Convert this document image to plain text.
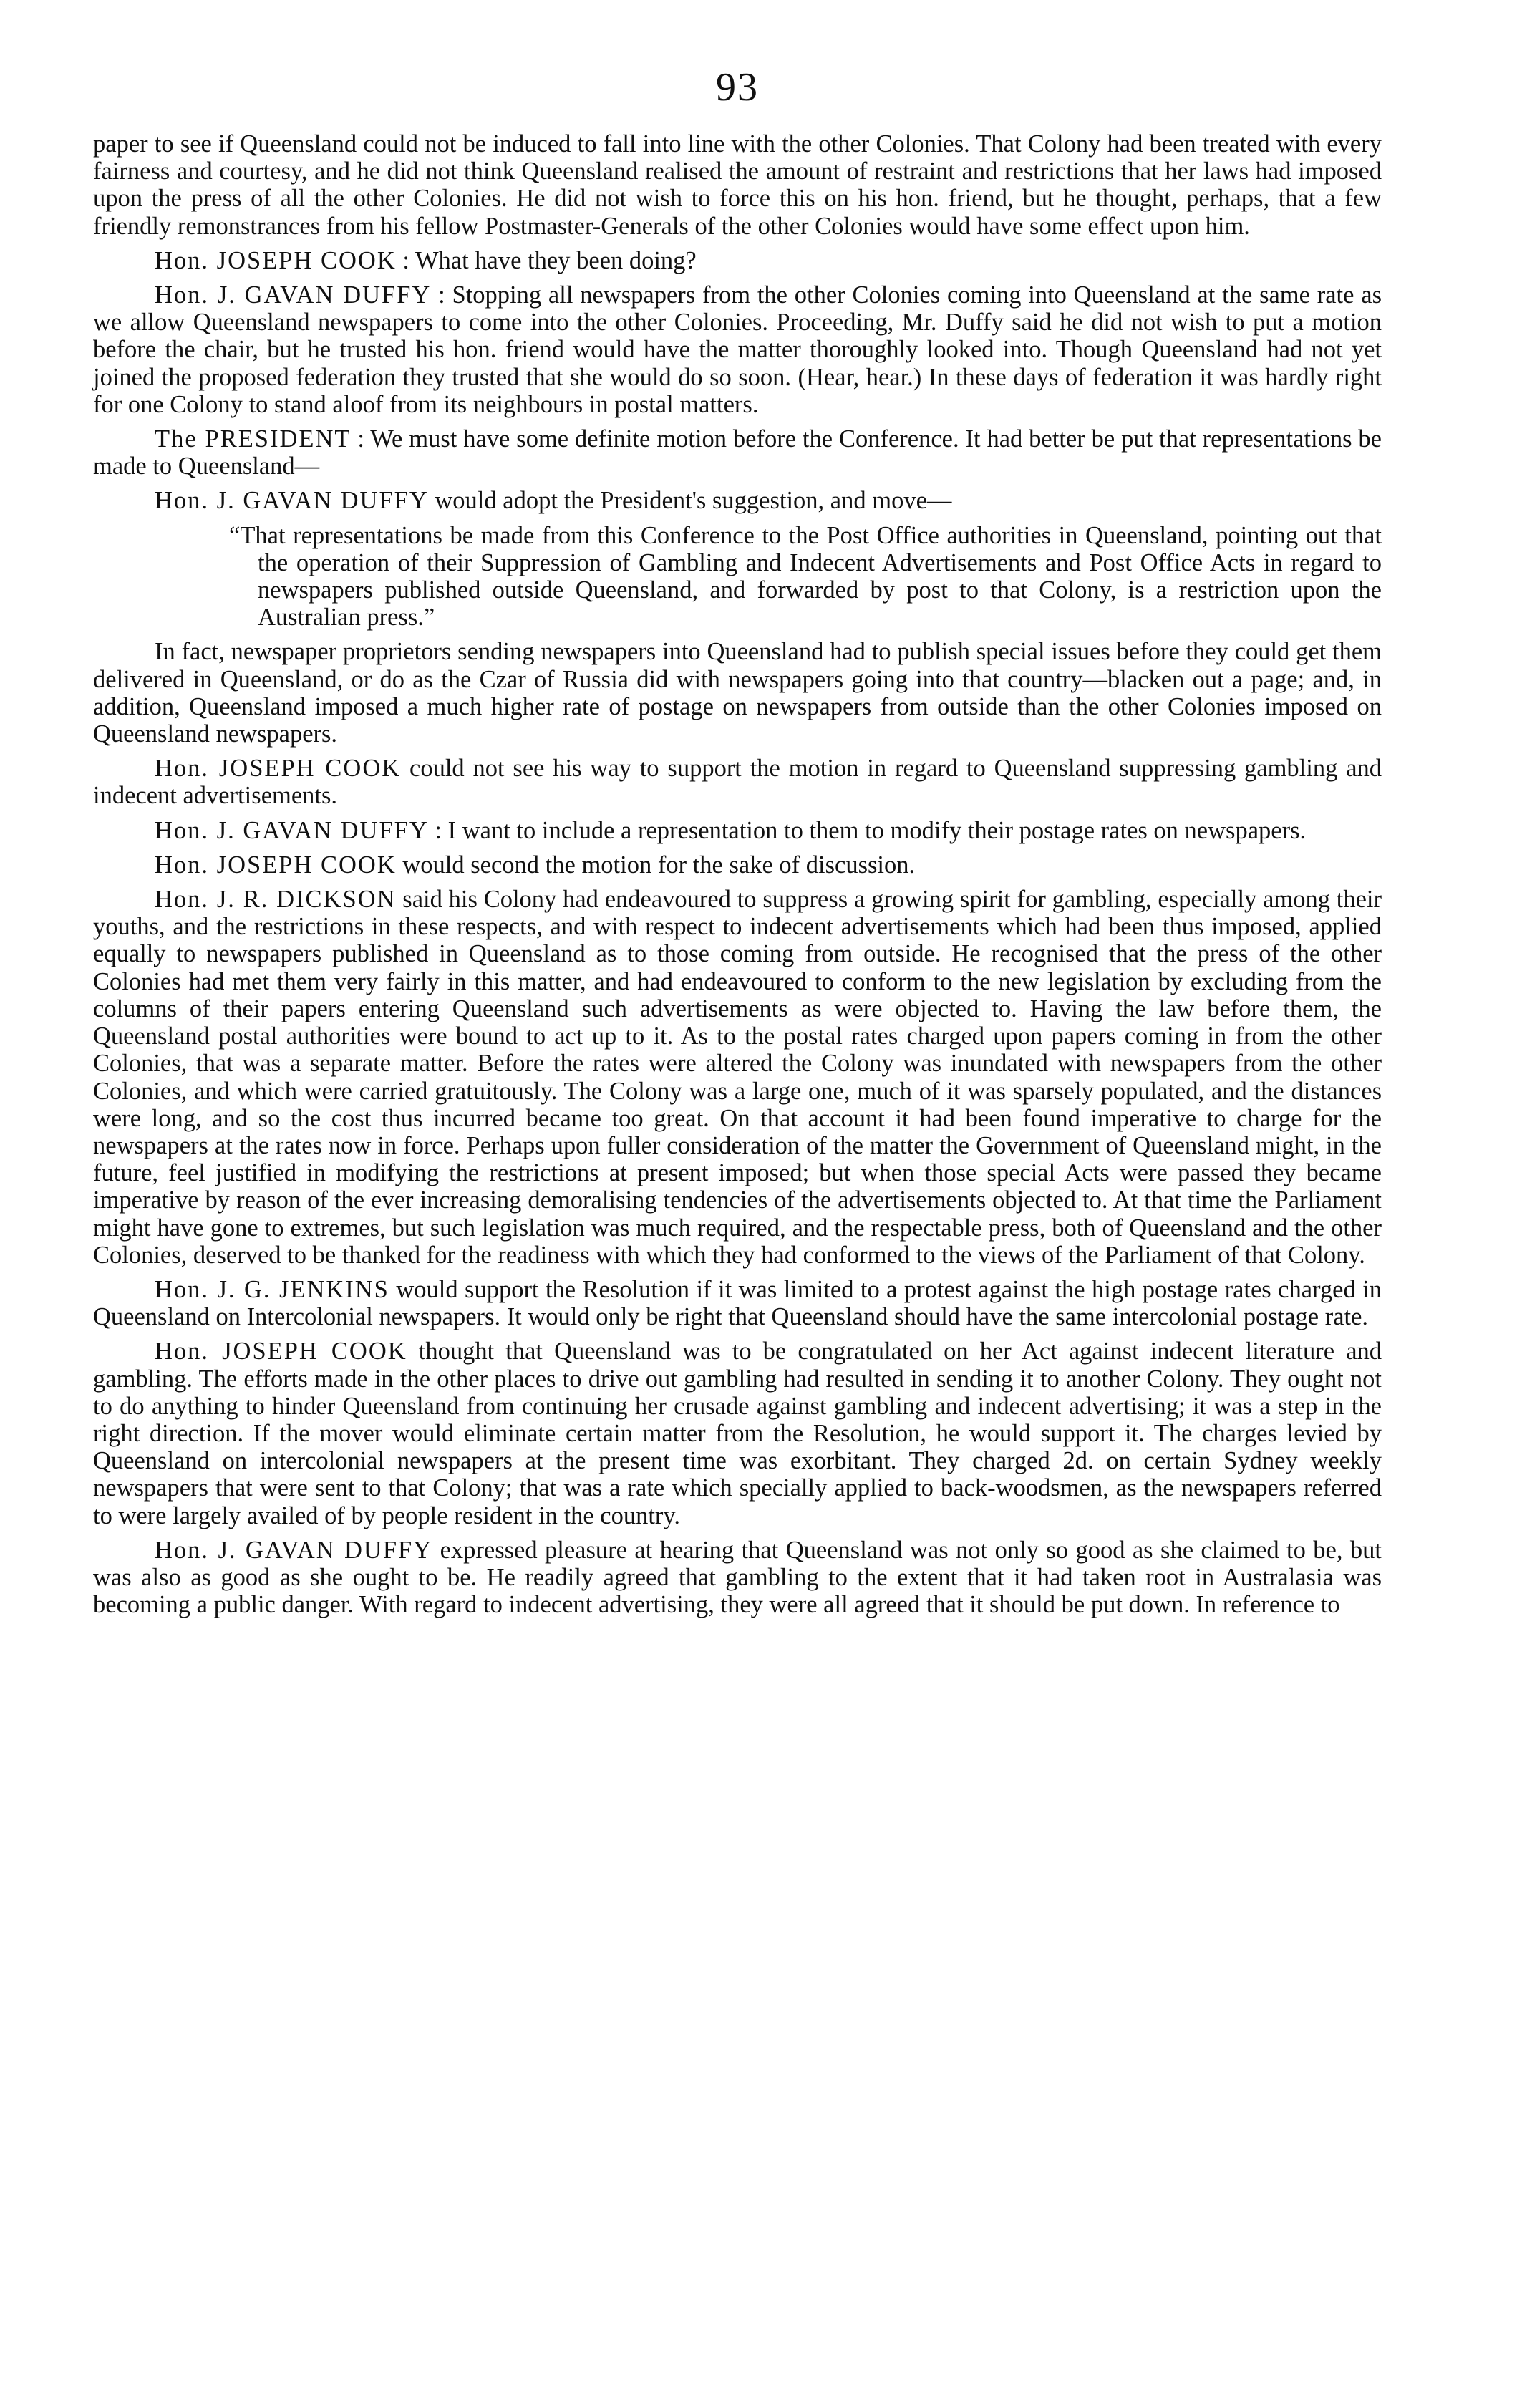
93

paper to see if Queensland could not be induced to fall into line with the other Colonies. That Colony had been treated with every fairness and courtesy, and he did not think Queensland realised the amount of restraint and restrictions that her laws had imposed upon the press of all the other Colonies. He did not wish to force this on his hon. friend, but he thought, perhaps, that a few friendly remonstrances from his fellow Postmaster-Generals of the other Colonies would have some effect upon him.

Hon. JOSEPH COOK : What have they been doing?

Hon. J. GAVAN DUFFY : Stopping all newspapers from the other Colonies coming into Queensland at the same rate as we allow Queensland newspapers to come into the other Colonies. Proceeding, Mr. Duffy said he did not wish to put a motion before the chair, but he trusted his hon. friend would have the matter thoroughly looked into. Though Queensland had not yet joined the proposed federation they trusted that she would do so soon. (Hear, hear.) In these days of federation it was hardly right for one Colony to stand aloof from its neighbours in postal matters.

The PRESIDENT : We must have some definite motion before the Conference. It had better be put that representations be made to Queensland—

Hon. J. GAVAN DUFFY would adopt the President's suggestion, and move—

“That representations be made from this Conference to the Post Office authorities in Queensland, pointing out that the operation of their Suppression of Gambling and Indecent Advertisements and Post Office Acts in regard to newspapers published outside Queensland, and forwarded by post to that Colony, is a restriction upon the Australian press.”

In fact, newspaper proprietors sending newspapers into Queensland had to publish special issues before they could get them delivered in Queensland, or do as the Czar of Russia did with newspapers going into that country—blacken out a page; and, in addition, Queensland imposed a much higher rate of postage on newspapers from outside than the other Colonies imposed on Queensland newspapers.

Hon. JOSEPH COOK could not see his way to support the motion in regard to Queensland suppressing gambling and indecent advertisements.

Hon. J. GAVAN DUFFY : I want to include a representation to them to modify their postage rates on newspapers.

Hon. JOSEPH COOK would second the motion for the sake of discussion.

Hon. J. R. DICKSON said his Colony had endeavoured to suppress a growing spirit for gambling, especially among their youths, and the restrictions in these respects, and with respect to indecent advertisements which had been thus imposed, applied equally to newspapers published in Queensland as to those coming from outside. He recognised that the press of the other Colonies had met them very fairly in this matter, and had endeavoured to conform to the new legislation by excluding from the columns of their papers entering Queensland such advertisements as were objected to. Having the law before them, the Queensland postal authorities were bound to act up to it. As to the postal rates charged upon papers coming in from the other Colonies, that was a separate matter. Before the rates were altered the Colony was inundated with newspapers from the other Colonies, and which were carried gratuitously. The Colony was a large one, much of it was sparsely populated, and the distances were long, and so the cost thus incurred became too great. On that account it had been found imperative to charge for the newspapers at the rates now in force. Perhaps upon fuller consideration of the matter the Government of Queensland might, in the future, feel justified in modifying the restrictions at present imposed; but when those special Acts were passed they became imperative by reason of the ever increasing demoralising tendencies of the advertisements objected to. At that time the Parliament might have gone to extremes, but such legislation was much required, and the respectable press, both of Queensland and the other Colonies, deserved to be thanked for the readiness with which they had conformed to the views of the Parliament of that Colony.

Hon. J. G. JENKINS would support the Resolution if it was limited to a protest against the high postage rates charged in Queensland on Intercolonial newspapers. It would only be right that Queensland should have the same intercolonial postage rate.

Hon. JOSEPH COOK thought that Queensland was to be congratulated on her Act against indecent literature and gambling. The efforts made in the other places to drive out gambling had resulted in sending it to another Colony. They ought not to do anything to hinder Queensland from continuing her crusade against gambling and indecent advertising; it was a step in the right direction. If the mover would eliminate certain matter from the Resolution, he would support it. The charges levied by Queensland on intercolonial newspapers at the present time was exorbitant. They charged 2d. on certain Sydney weekly newspapers that were sent to that Colony; that was a rate which specially applied to back-woodsmen, as the newspapers referred to were largely availed of by people resident in the country.

Hon. J. GAVAN DUFFY expressed pleasure at hearing that Queensland was not only so good as she claimed to be, but was also as good as she ought to be. He readily agreed that gambling to the extent that it had taken root in Australasia was becoming a public danger. With regard to indecent advertising, they were all agreed that it should be put down. In reference to
